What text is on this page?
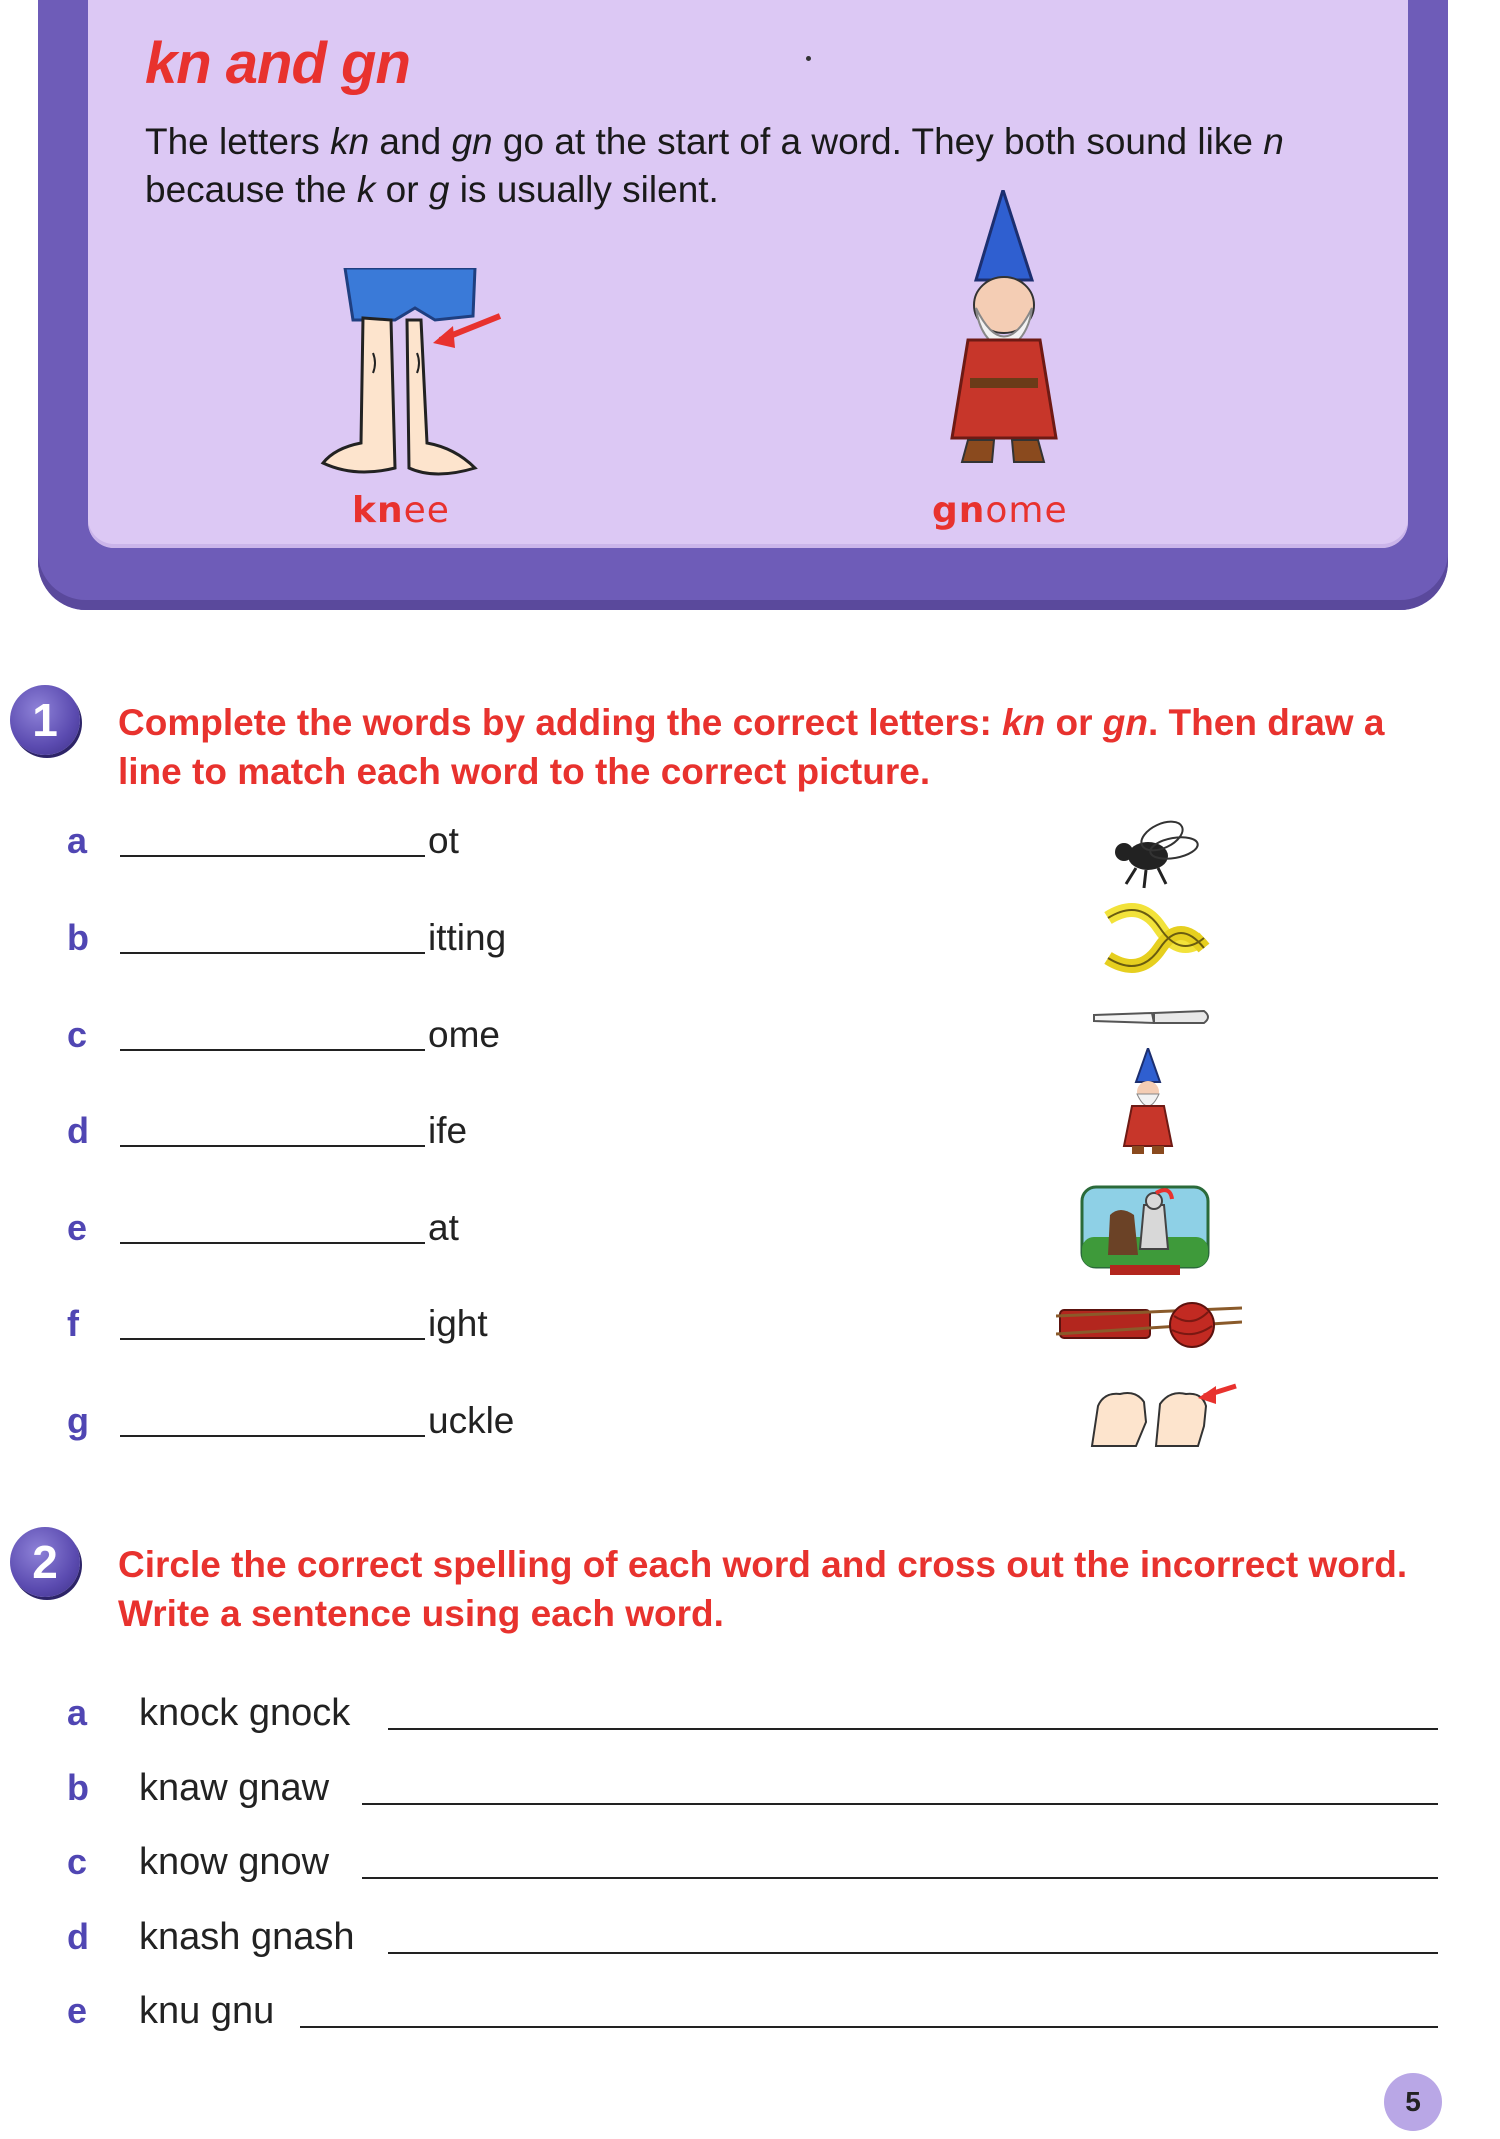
kn and gn

The letters kn and gn go at the start of a word. They both sound like n because the k or g is usually silent.

knee	gnome
1	Complete the words by adding the correct letters: kn or gn. Then draw a line to match each word to the correct picture.

a	ot
b	itting
c	ome
d	ife
e	at
f	ight
g	uckle
2	Circle the correct spelling of each word and cross out the incorrect word. Write a sentence using each word.

a knock gnock
b knaw gnaw
c know gnow
d knash gnash
e knu gnu
5
